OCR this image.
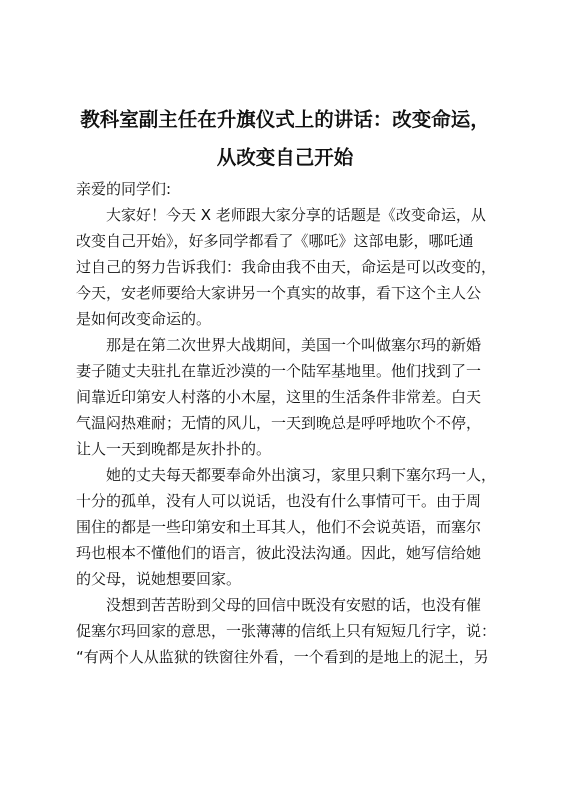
教科室副主任在升旗仪式上的讲话：改变命运，
从改变自己开始
亲爱的同学们:
大家好！今天 X 老师跟大家分享的话题是《改变命运，从
改变自己开始》，好多同学都看了《哪吒》这部电影，哪吒通
过自己的努力告诉我们：我命由我不由天，命运是可以改变的，
今天，安老师要给大家讲另一个真实的故事，看下这个主人公
是如何改变命运的。
那是在第二次世界大战期间，美国一个叫做塞尔玛的新婚
妻子随丈夫驻扎在靠近沙漠的一个陆军基地里。他们找到了一
间靠近印第安人村落的小木屋，这里的生活条件非常差。白天
气温闷热难耐；无情的风儿，一天到晚总是呼呼地吹个不停，
让人一天到晚都是灰扑扑的。
她的丈夫每天都要奉命外出演习，家里只剩下塞尔玛一人，
十分的孤单，没有人可以说话，也没有什么事情可干。由于周
围住的都是一些印第安和土耳其人，他们不会说英语，而塞尔
玛也根本不懂他们的语言，彼此没法沟通。因此，她写信给她
的父母，说她想要回家。
没想到苦苦盼到父母的回信中既没有安慰的话，也没有催
促塞尔玛回家的意思，一张薄薄的信纸上只有短短几行字，说：
“有两个人从监狱的铁窗往外看，一个看到的是地上的泥土，另
